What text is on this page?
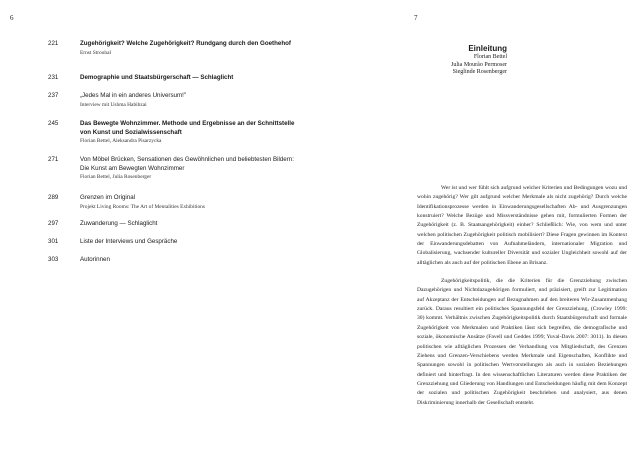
6	7
221	Zugehörigkeit? Welche Zugehörigkeit? Rundgang durch den Goethehof
Ernst Strouhal
231	Demographie und Staatsbürgerschaft — Schlaglicht
237	„Jedes Mal in ein anderes Universum!"
Interview mit Ushma Habibzai
245	Das Bewegte Wohnzimmer. Methode und Ergebnisse an der Schnittstelle von Kunst und Sozialwissenschaft
Florian Bettel, Aleksandra Pisarzycka
271	Von Möbel Brücken, Sensationen des Gewöhnlichen und beliebtesten Bildern: Die Kunst am Bewegten Wohnzimmer
Florian Bettel, Julia Rosenberger
289	Grenzen im Original
Projekt Living Rooms: The Art of Mentalities Exhibitions
297	Zuwanderung — Schlaglicht
301	Liste der Interviews und Gespräche
303	Autorinnen
Einleitung
Florian Bettel
Julia Mourão Permoser
Sieglinde Rosenberger

Wer ist und wer fühlt sich aufgrund welcher Kriterien und Bedingungen wozu und wohin zugehörig? Wer gilt aufgrund welcher Merkmale als nicht zugehörig? Durch welche Identifikationsprozesse werden in Einwanderungsgesellschaften Ab- und Ausgrenzungen konstruiert? Welche Bezüge und Missverständnisse gehen mit, formulierten Formen der Zugehörigkeit (z. B. Staatsangehörigkeit) einher? Schließlich: Wie, von wem und unter welchen politischen Zugehörigkeit politisch mobilisiert? Diese Fragen gewinnen im Kontext der Einwanderungsdebatten von Aufnahmeländern, internationaler Migration und Globalisierung, wachsender kultureller Diversität und sozialer Ungleichheit sowohl auf der alltäglichen als auch auf der politischen Ebene an Brisanz.

Zugehörigkeitspolitik, die die Kriterien für die Grenzziehung zwischen Dazugehörigen und Nichtdazugehörigen formuliert, und präzisiert, greift zur Legitimation auf Akzeptanz der Entscheidungen auf Bezugnahmen auf den breiteren Wir-Zusammenhang zurück. Daraus resultiert ein politisches Spannungsfeld der Grenzziehung, (Crowley 1999: 30) kommt. Verhältnis zwischen Zugehörigkeitspolitik durch Staatsbürgerschaft und formale Zugehörigkeit von Merkmalen und Praktiken lässt sich begreifen, die demografische und soziale, ökonomische Ansätze (Favell und Geddes 1999; Yuval-Davis 2007: 3011). In diesen politischen wie alltäglichen Prozessen der Verhandlung von Mitgliedschaft, des Grenzen Ziehens und Grenzen-Verschiebens werden Merkmale und Eigenschaften, Konflikte und Spannungen sowohl in politischen Wertvorstellungen als auch in sozialen Beziehungen definiert und hinterfragt. In den wissenschaftlichen Literaturen werden diese Praktiken der Grenzziehung und Gliederung von Handlungen und Entscheidungen häufig mit dem Konzept der sozialen und politischen Zugehörigkeit beschrieben und analysiert, aus denen Diskriminierung innerhalb der Gesellschaft entsteht.
